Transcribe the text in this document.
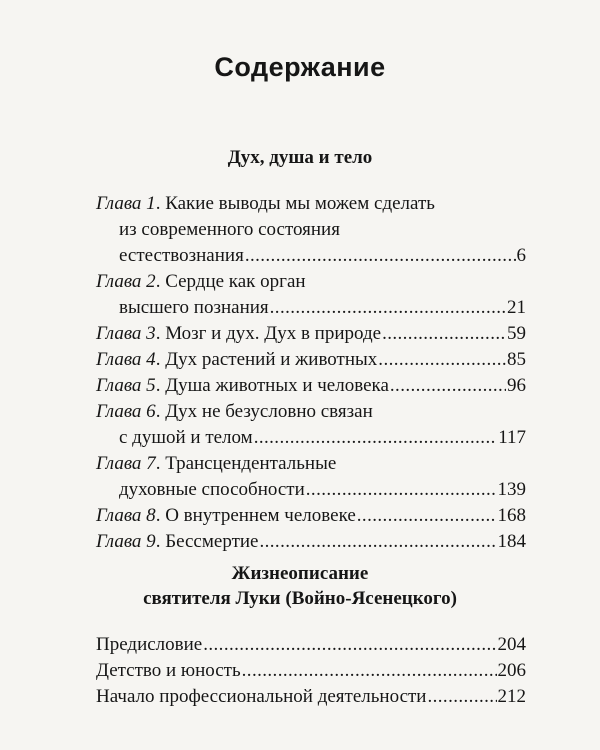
Содержание
Дух, душа и тело
Глава 1 . Какие выводы мы можем сделать
из современного состояния
естествознания .....	6
Глава 2 . Сердце как орган
высшего познания .....	21
Глава 3 . Мозг и дух. Дух в природе .....	59
Глава 4 . Дух растений и животных .....	85
Глава 5 . Душа животных и человека .....	96
Глава 6 . Дух не безусловно связан
с душой и телом .....	117
Глава 7 . Трансцендентальные
духовные способности .....	139
Глава 8 . О внутреннем человеке .....	168
Глава 9 . Бессмертие .....	184
Жизнеописание
святителя Луки (Войно-Ясенецкого)
Предисловие .....	204
Детство и юность .....	206
Начало профессиональной деятельности .....	212
